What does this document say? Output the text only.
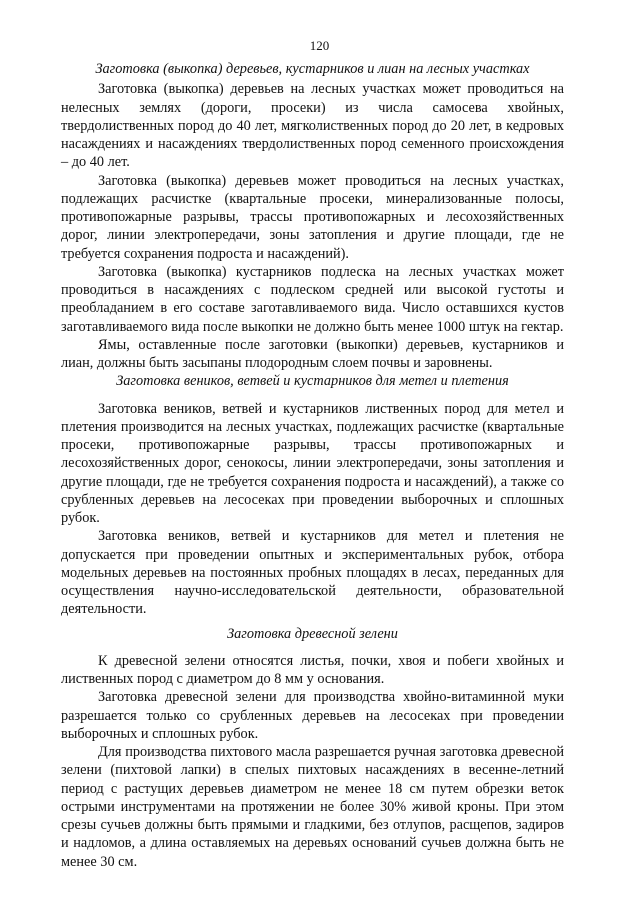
120

Заготовка (выкопка) деревьев, кустарников и лиан на лесных участках

Заготовка (выкопка) деревьев на лесных участках может проводиться на нелесных землях (дороги, просеки) из числа самосева хвойных, твердолиственных пород до 40 лет, мягколиственных пород до 20 лет, в кедровых насаждениях и насаждениях твердолиственных пород семенного происхождения – до 40 лет.

Заготовка (выкопка) деревьев может проводиться на лесных участках, подлежащих расчистке (квартальные просеки, минерализованные полосы, противопожарные разрывы, трассы противопожарных и лесохозяйственных дорог, линии электропередачи, зоны затопления и другие площади, где не требуется сохранения подроста и насаждений).

Заготовка (выкопка) кустарников подлеска на лесных участках может проводиться в насаждениях с подлеском средней или высокой густоты и преобладанием в его составе заготавливаемого вида. Число оставшихся кустов заготавливаемого вида после выкопки не должно быть менее 1000 штук на гектар.

Ямы, оставленные после заготовки (выкопки) деревьев, кустарников и лиан, должны быть засыпаны плодородным слоем почвы и заровнены.

Заготовка веников, ветвей и кустарников для метел и плетения

Заготовка веников, ветвей и кустарников лиственных пород для метел и плетения производится на лесных участках, подлежащих расчистке (квартальные просеки, противопожарные разрывы, трассы противопожарных и лесохозяйственных дорог, сенокосы, линии электропередачи, зоны затопления и другие площади, где не требуется сохранения подроста и насаждений), а также со срубленных деревьев на лесосеках при проведении выборочных и сплошных рубок.

Заготовка веников, ветвей и кустарников для метел и плетения не допускается при проведении опытных и экспериментальных рубок, отбора модельных деревьев на постоянных пробных площадях в лесах, переданных для осуществления научно-исследовательской деятельности, образовательной деятельности.

Заготовка древесной зелени

К древесной зелени относятся листья, почки, хвоя и побеги хвойных и лиственных пород с диаметром до 8 мм у основания.

Заготовка древесной зелени для производства хвойно-витаминной муки разрешается только со срубленных деревьев на лесосеках при проведении выборочных и сплошных рубок.

Для производства пихтового масла разрешается ручная заготовка древесной зелени (пихтовой лапки) в спелых пихтовых насаждениях в весенне-летний период с растущих деревьев диаметром не менее 18 см путем обрезки веток острыми инструментами на протяжении не более 30% живой кроны. При этом срезы сучьев должны быть прямыми и гладкими, без отлупов, расщепов, задиров и надломов, а длина оставляемых на деревьях оснований сучьев должна быть не менее 30 см.
